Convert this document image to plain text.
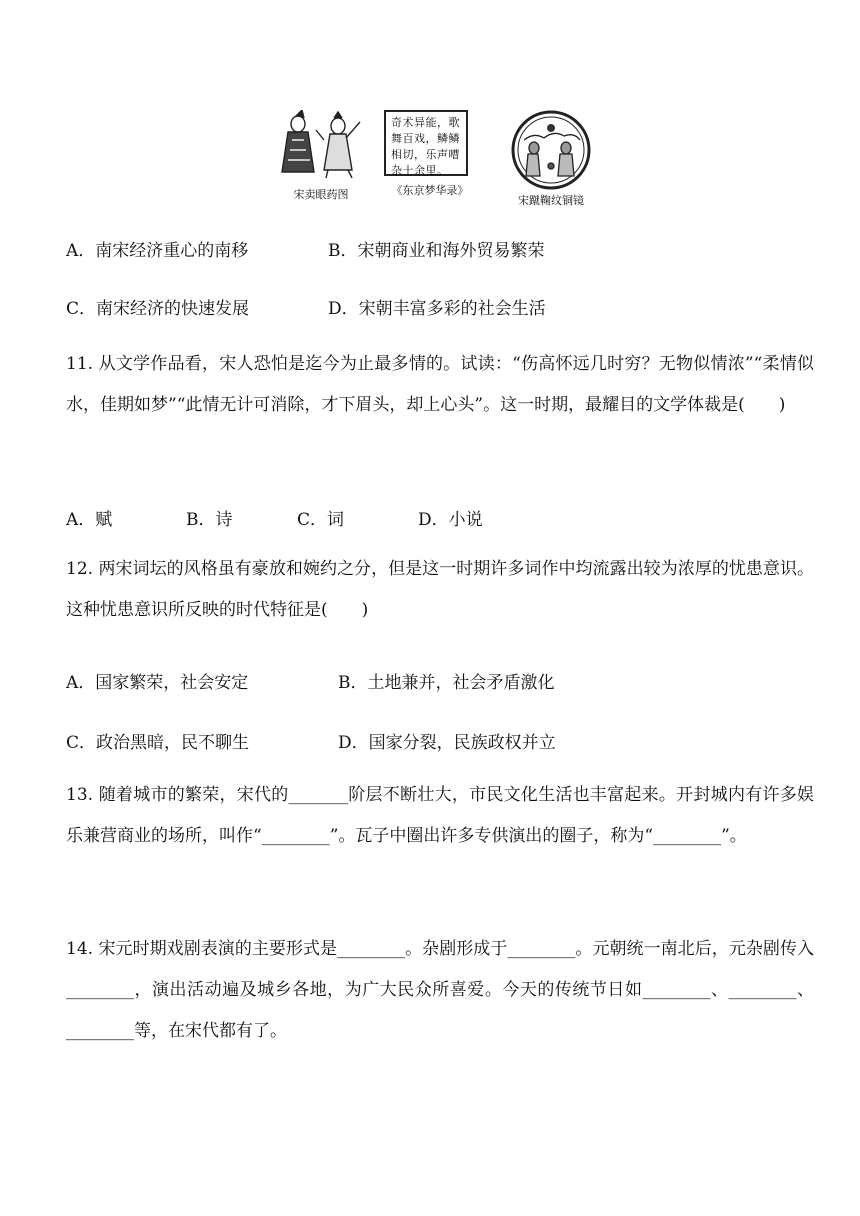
宋卖眼药图
奇术异能，歌舞百戏，鳞鳞相切，乐声嘈杂十余里。
《东京梦华录》
宋蹴鞠纹铜镜
A．南宋经济重心的南移	B．宋朝商业和海外贸易繁荣
C．南宋经济的快速发展	D．宋朝丰富多彩的社会生活
11. 从文学作品看，宋人恐怕是迄今为止最多情的。试读：“伤高怀远几时穷？无物似情浓”“柔情似水，佳期如梦”“此情无计可消除，才下眉头，却上心头”。这一时期，最耀目的文学体裁是(　　)
A．赋	B．诗	C．词	D．小说
12. 两宋词坛的风格虽有豪放和婉约之分，但是这一时期许多词作中均流露出较为浓厚的忧患意识。这种忧患意识所反映的时代特征是(　　)
A．国家繁荣，社会安定	B．土地兼并，社会矛盾激化
C．政治黑暗，民不聊生	D．国家分裂，民族政权并立
13. 随着城市的繁荣，宋代的_______阶层不断壮大，市民文化生活也丰富起来。开封城内有许多娱乐兼营商业的场所，叫作“________”。瓦子中圈出许多专供演出的圈子，称为“________”。
14. 宋元时期戏剧表演的主要形式是________。杂剧形成于________。元朝统一南北后，元杂剧传入________，演出活动遍及城乡各地，为广大民众所喜爱。今天的传统节日如________、________、________等，在宋代都有了。
